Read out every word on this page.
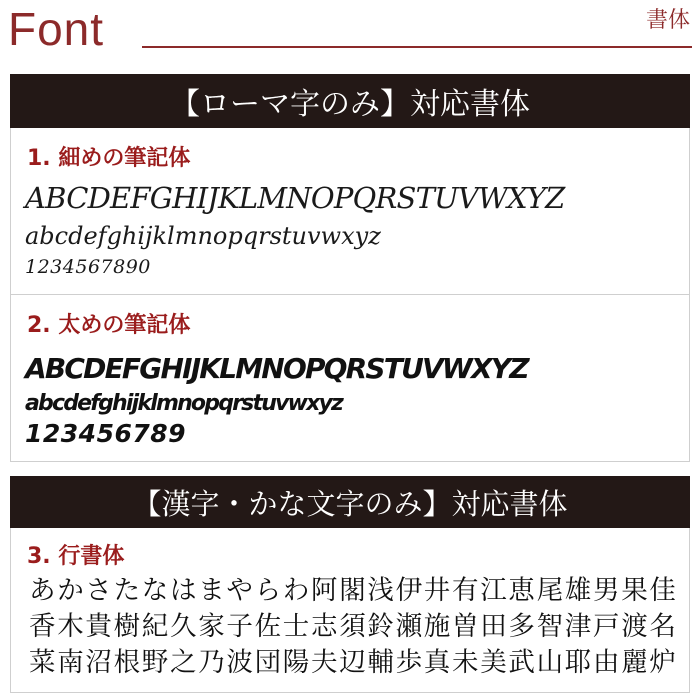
Font	書体
【ローマ字のみ】対応書体
1. 細めの筆記体
ABCDEFGHIJKLMNOPQRSTUVWXYZ
abcdefghijklmnopqrstuvwxyz
1234567890
2. 太めの筆記体
ABCDEFGHIJKLMNOPQRSTUVWXYZ
abcdefghijklmnopqrstuvwxyz
123456789
【漢字・かな文字のみ】対応書体
3. 行書体
あかさたなはまやらわ阿閣浅伊井有江恵尾雄男果佳
香木貴樹紀久家子佐士志須鈴瀬施曽田多智津戸渡名
菜南沼根野之乃波団陽夫辺輔歩真未美武山耶由麗炉
